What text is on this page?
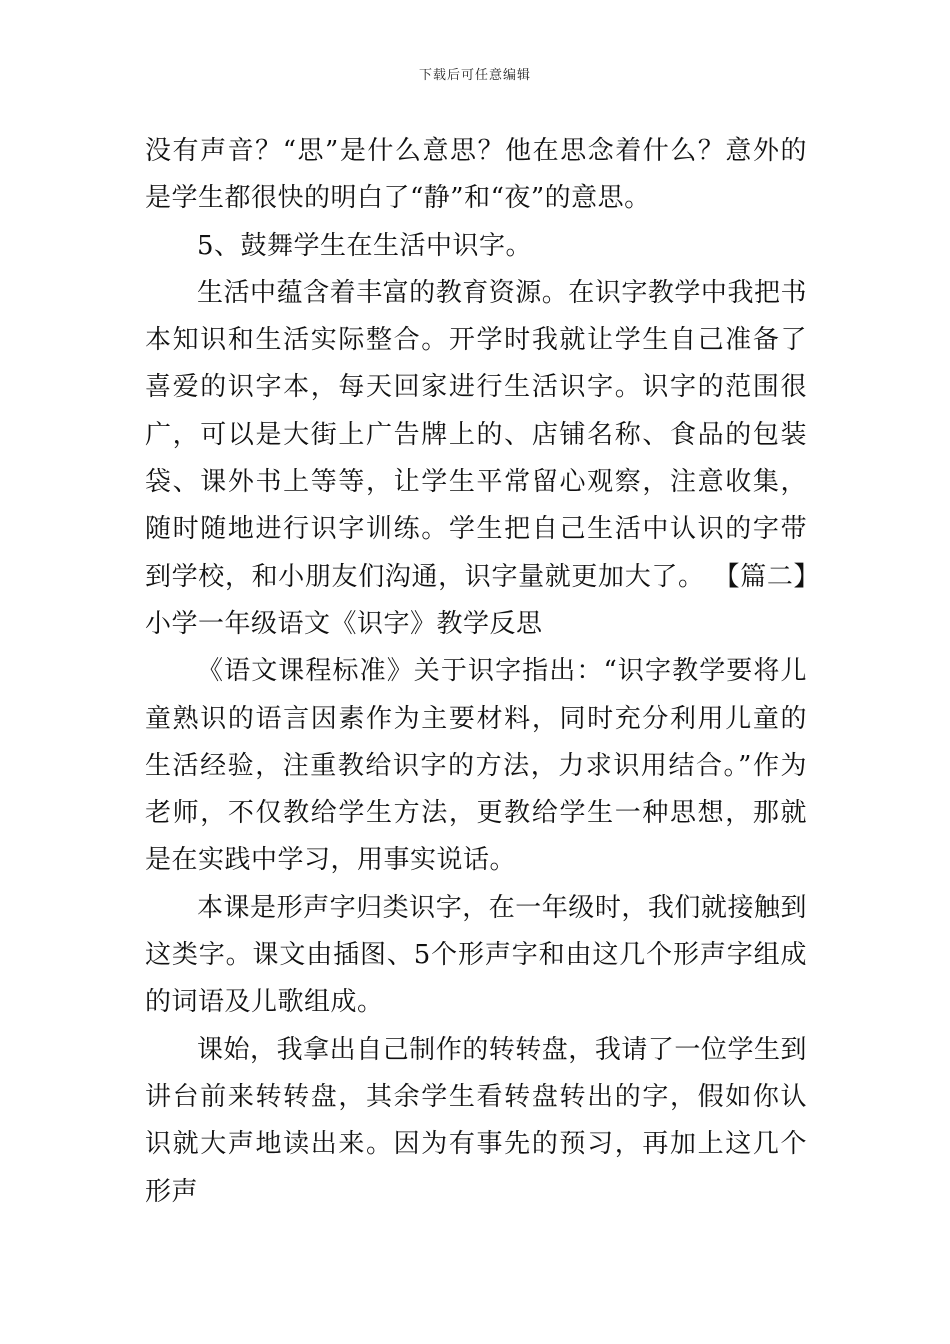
下载后可任意编辑

没有声音？“思”是什么意思？他在思念着什么？意外的是学生都很快的明白了“静”和“夜”的意思。

5、鼓舞学生在生活中识字。

生活中蕴含着丰富的教育资源。在识字教学中我把书本知识和生活实际整合。开学时我就让学生自己准备了喜爱的识字本，每天回家进行生活识字。识字的范围很广，可以是大街上广告牌上的、店铺名称、食品的包装袋、课外书上等等，让学生平常留心观察，注意收集，随时随地进行识字训练。学生把自己生活中认识的字带到学校，和小朋友们沟通，识字量就更加大了。 【篇二】小学一年级语文《识字》教学反思

《语文课程标准》关于识字指出：“识字教学要将儿童熟识的语言因素作为主要材料，同时充分利用儿童的生活经验，注重教给识字的方法，力求识用结合。”作为老师，不仅教给学生方法，更教给学生一种思想，那就是在实践中学习，用事实说话。

本课是形声字归类识字，在一年级时，我们就接触到这类字。课文由插图、5个形声字和由这几个形声字组成的词语及儿歌组成。

课始，我拿出自己制作的转转盘，我请了一位学生到讲台前来转转盘，其余学生看转盘转出的字，假如你认识就大声地读出来。因为有事先的预习，再加上这几个形声
